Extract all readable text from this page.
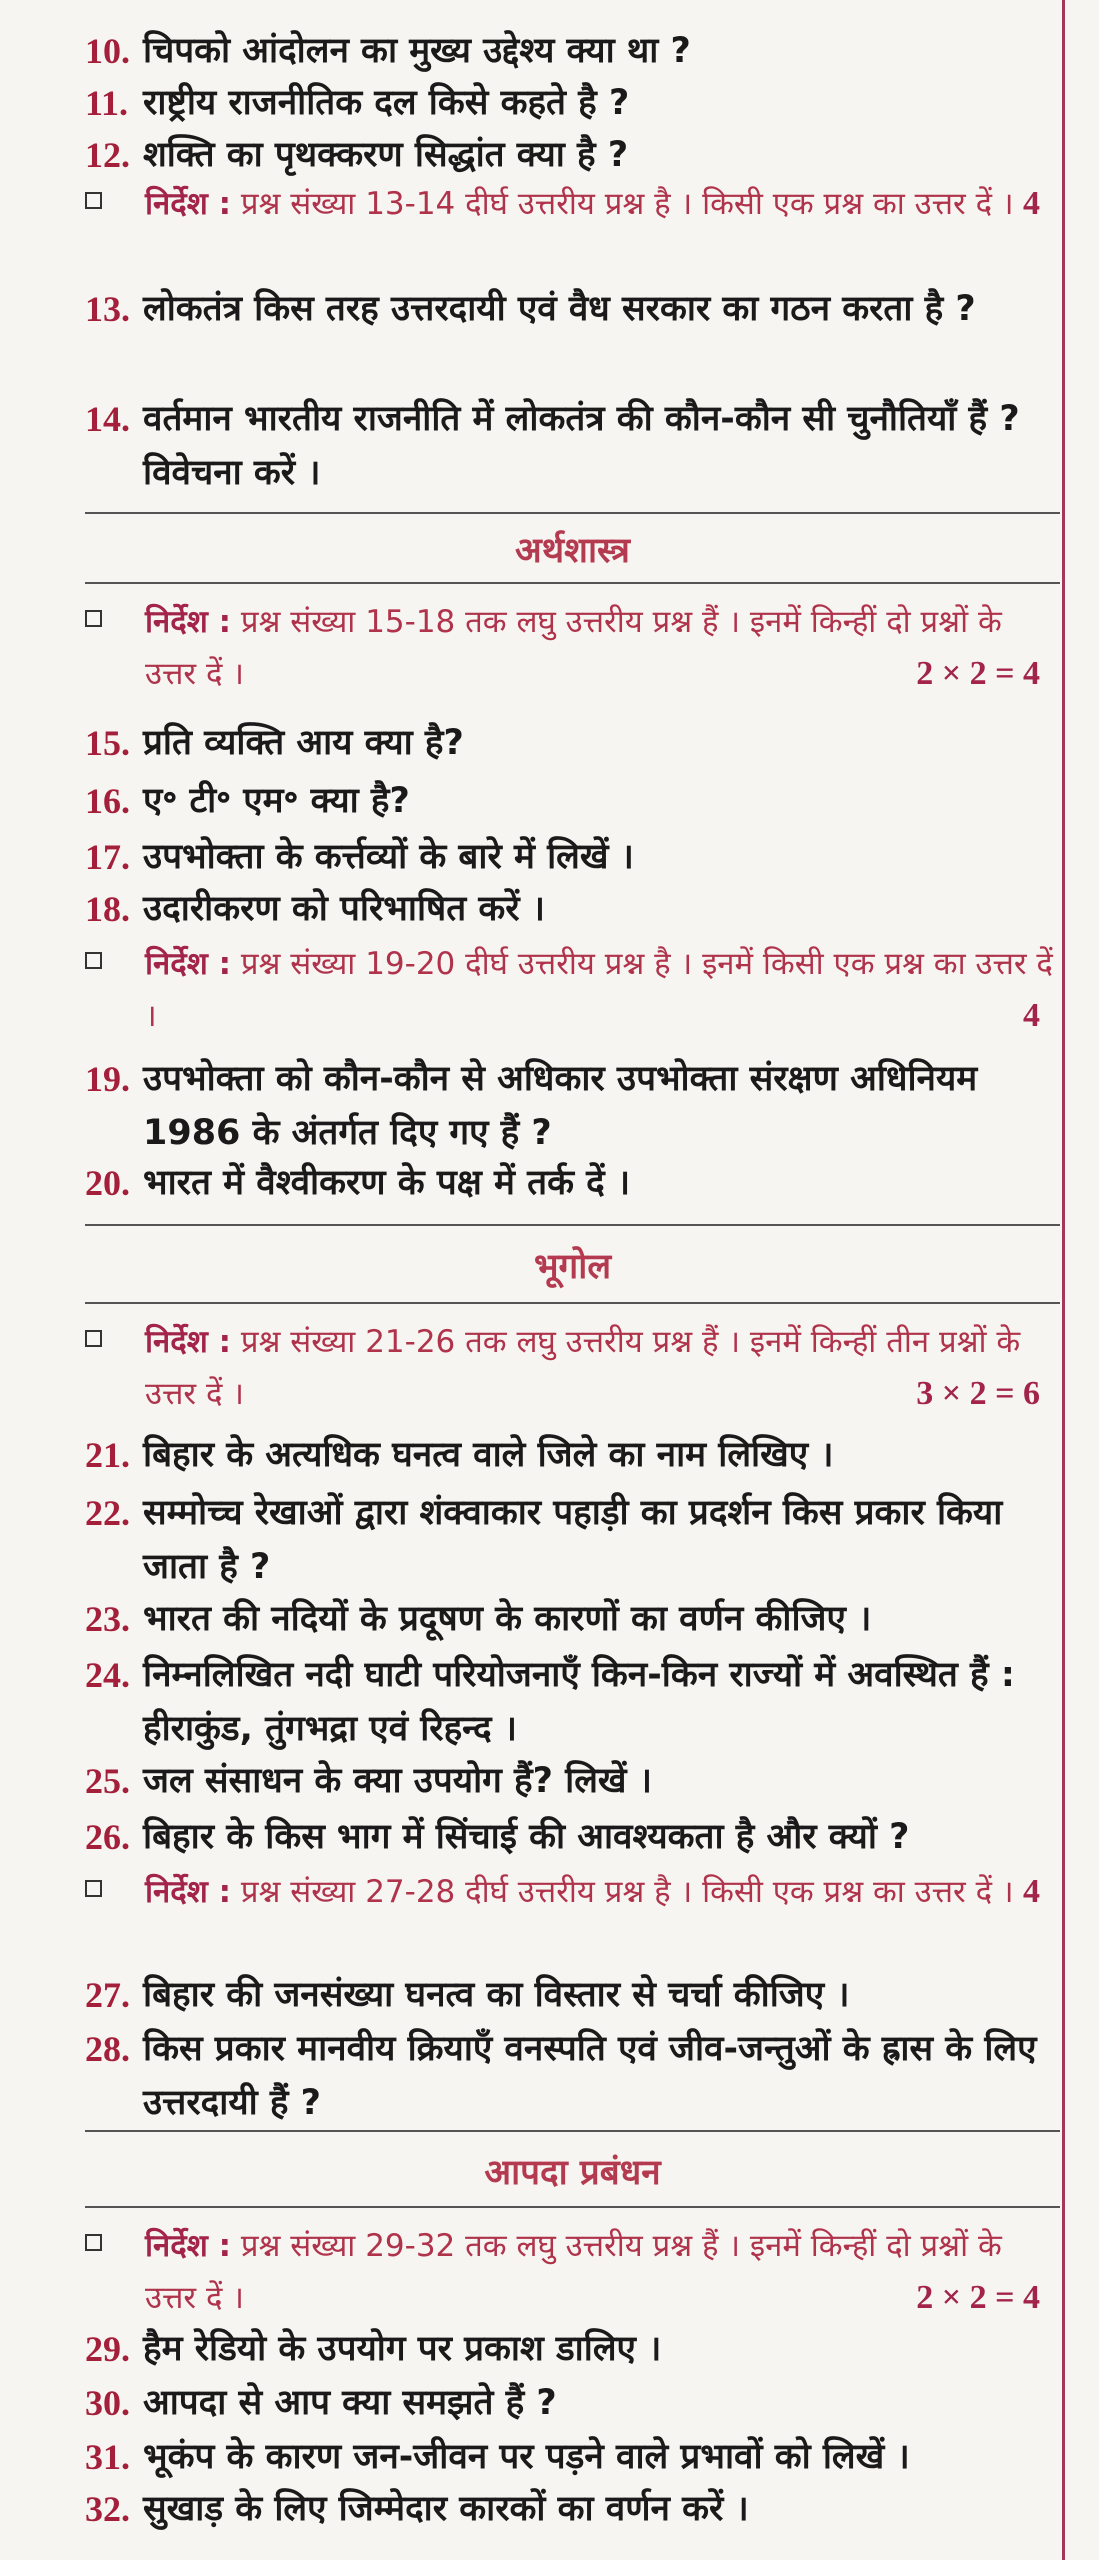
10. चिपको आंदोलन का मुख्य उद्देश्य क्या था ?
11. राष्ट्रीय राजनीतिक दल किसे कहते है ?
12. शक्ति का पृथक्करण सिद्धांत क्या है ?
निर्देश : प्रश्न संख्या 13-14 दीर्घ उत्तरीय प्रश्न है । किसी एक प्रश्न का उत्तर दें । 4
13. लोकतंत्र किस तरह उत्तरदायी एवं वैध सरकार का गठन करता है ?
14. वर्तमान भारतीय राजनीति में लोकतंत्र की कौन-कौन सी चुनौतियाँ हैं ? विवेचना करें ।
अर्थशास्त्र
निर्देश : प्रश्न संख्या 15-18 तक लघु उत्तरीय प्रश्न हैं । इनमें किन्हीं दो प्रश्नों के उत्तर दें ।	2 × 2 = 4
15. प्रति व्यक्ति आय क्या है?
16. ए॰ टी॰ एम॰ क्या है?
17. उपभोक्ता के कर्त्तव्यों के बारे में लिखें ।
18. उदारीकरण को परिभाषित करें ।
निर्देश : प्रश्न संख्या 19-20 दीर्घ उत्तरीय प्रश्न है । इनमें किसी एक प्रश्न का उत्तर दें ।	4
19. उपभोक्ता को कौन-कौन से अधिकार उपभोक्ता संरक्षण अधिनियम 1986 के अंतर्गत दिए गए हैं ?
20. भारत में वैश्वीकरण के पक्ष में तर्क दें ।
भूगोल
निर्देश : प्रश्न संख्या 21-26 तक लघु उत्तरीय प्रश्न हैं । इनमें किन्हीं तीन प्रश्नों के उत्तर दें ।	3 × 2 = 6
21. बिहार के अत्यधिक घनत्व वाले जिले का नाम लिखिए ।
22. सम्मोच्च रेखाओं द्वारा शंक्वाकार पहाड़ी का प्रदर्शन किस प्रकार किया जाता है ?
23. भारत की नदियों के प्रदूषण के कारणों का वर्णन कीजिए ।
24. निम्नलिखित नदी घाटी परियोजनाएँ किन-किन राज्यों में अवस्थित हैं : हीराकुंड, तुंगभद्रा एवं रिहन्द ।
25. जल संसाधन के क्या उपयोग हैं? लिखें ।
26. बिहार के किस भाग में सिंचाई की आवश्यकता है और क्यों ?
निर्देश : प्रश्न संख्या 27-28 दीर्घ उत्तरीय प्रश्न है । किसी एक प्रश्न का उत्तर दें । 4
27. बिहार की जनसंख्या घनत्व का विस्तार से चर्चा कीजिए ।
28. किस प्रकार मानवीय क्रियाएँ वनस्पति एवं जीव-जन्तुओं के ह्रास के लिए उत्तरदायी हैं ?
आपदा प्रबंधन
निर्देश : प्रश्न संख्या 29-32 तक लघु उत्तरीय प्रश्न हैं । इनमें किन्हीं दो प्रश्नों के उत्तर दें ।	2 × 2 = 4
29. हैम रेडियो के उपयोग पर प्रकाश डालिए ।
30. आपदा से आप क्या समझते हैं ?
31. भूकंप के कारण जन-जीवन पर पड़ने वाले प्रभावों को लिखें ।
32. सुखाड़ के लिए जिम्मेदार कारकों का वर्णन करें ।
